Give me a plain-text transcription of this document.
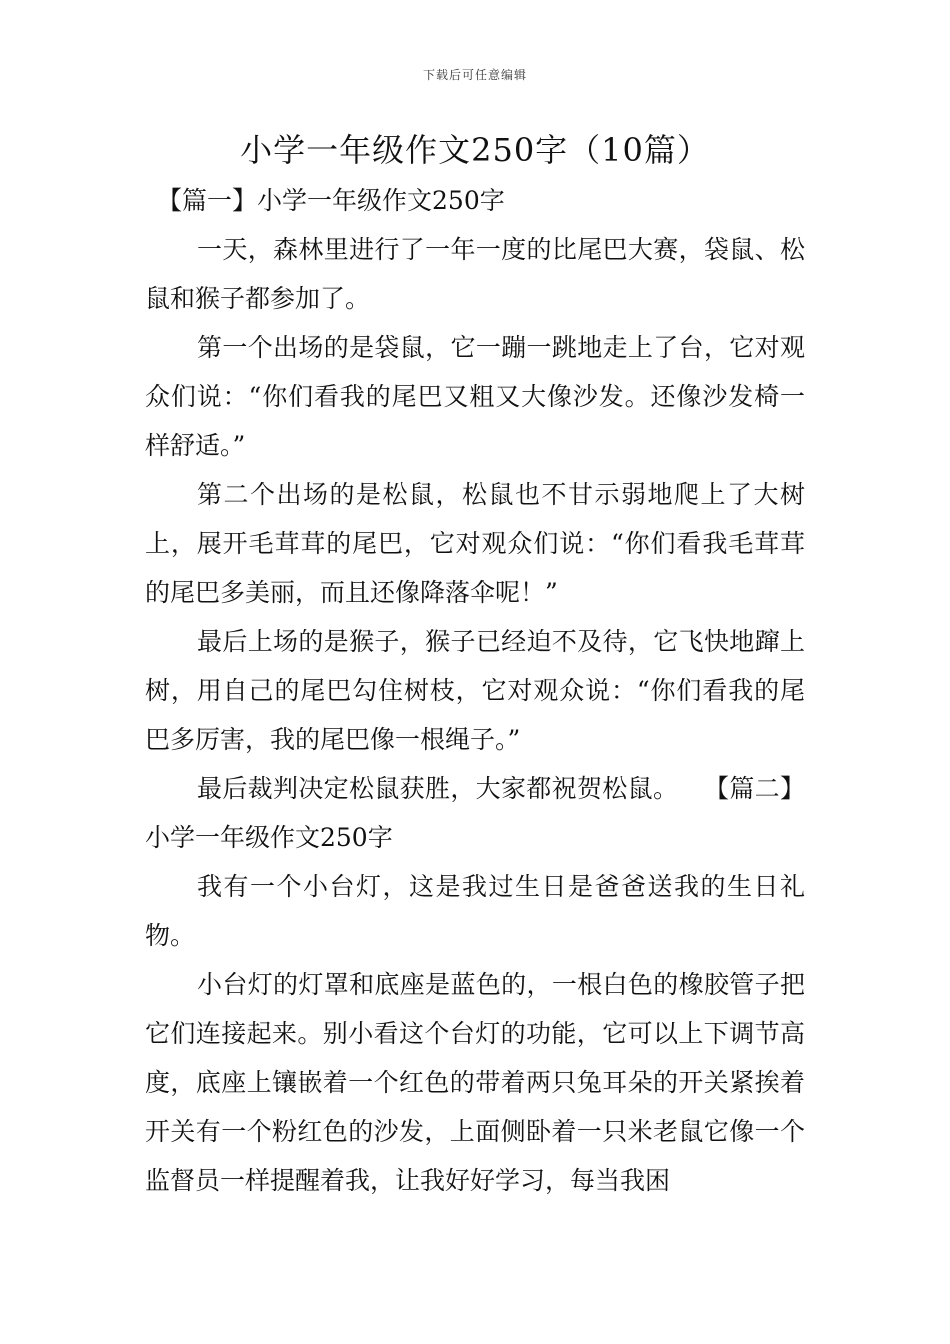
下载后可任意编辑
小学一年级作文250字（10篇）

【篇一】小学一年级作文250字

一天，森林里进行了一年一度的比尾巴大赛，袋鼠、松鼠和猴子都参加了。

第一个出场的是袋鼠，它一蹦一跳地走上了台，它对观众们说：“你们看我的尾巴又粗又大像沙发。还像沙发椅一样舒适。”

第二个出场的是松鼠，松鼠也不甘示弱地爬上了大树上，展开毛茸茸的尾巴，它对观众们说：“你们看我毛茸茸的尾巴多美丽，而且还像降落伞呢！”

最后上场的是猴子，猴子已经迫不及待，它飞快地蹿上树，用自己的尾巴勾住树枝，它对观众说：“你们看我的尾巴多厉害，我的尾巴像一根绳子。”

最后裁判决定松鼠获胜，大家都祝贺松鼠。　　 【篇二】小学一年级作文250字

我有一个小台灯，这是我过生日是爸爸送我的生日礼物。

小台灯的灯罩和底座是蓝色的，一根白色的橡胶管子把它们连接起来。别小看这个台灯的功能，它可以上下调节高度，底座上镶嵌着一个红色的带着两只兔耳朵的开关紧挨着开关有一个粉红色的沙发，上面侧卧着一只米老鼠它像一个监督员一样提醒着我，让我好好学习，每当我困
